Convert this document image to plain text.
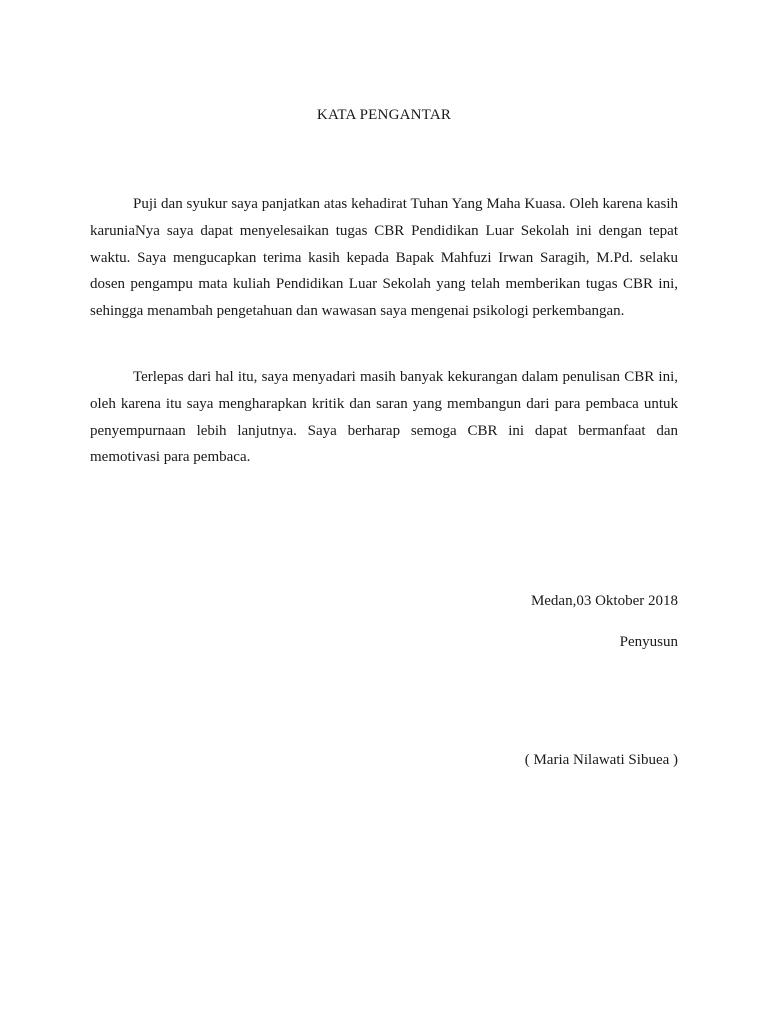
KATA PENGANTAR

Puji dan syukur saya panjatkan atas kehadirat Tuhan Yang Maha Kuasa. Oleh karena kasih karuniaNya saya dapat menyelesaikan tugas CBR Pendidikan Luar Sekolah ini dengan tepat waktu. Saya mengucapkan terima kasih kepada Bapak Mahfuzi Irwan Saragih, M.Pd. selaku dosen pengampu mata kuliah Pendidikan Luar Sekolah yang telah memberikan tugas CBR ini, sehingga menambah pengetahuan dan wawasan saya mengenai psikologi perkembangan.

Terlepas dari hal itu, saya menyadari masih banyak kekurangan dalam penulisan CBR ini, oleh karena itu saya mengharapkan kritik dan saran yang membangun dari para pembaca untuk penyempurnaan lebih lanjutnya. Saya berharap semoga CBR ini dapat bermanfaat dan memotivasi para pembaca.

Medan,03 Oktober 2018
Penyusun
( Maria Nilawati Sibuea )
